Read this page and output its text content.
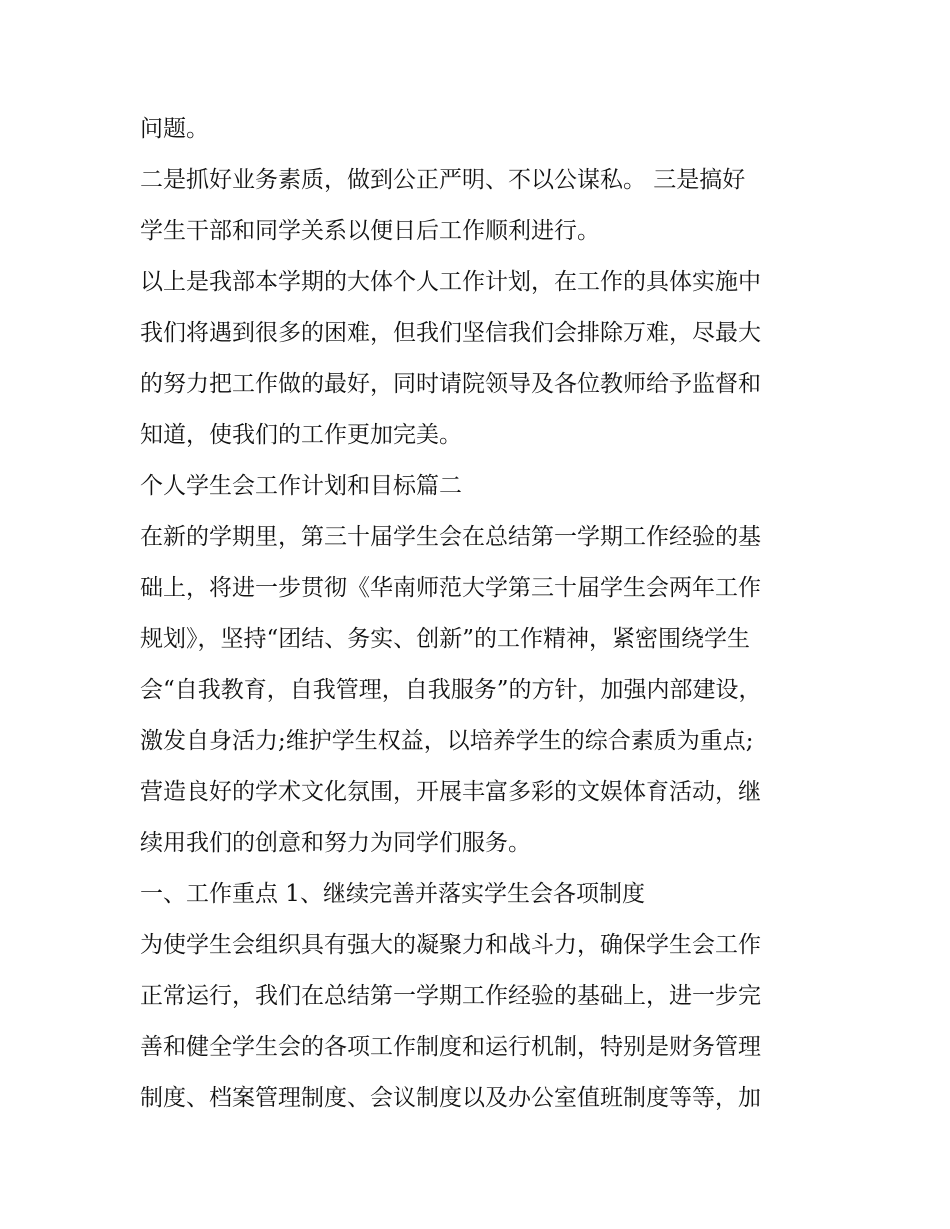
问题。
二是抓好业务素质，做到公正严明、不以公谋私。 三是搞好
学生干部和同学关系以便日后工作顺利进行。
以上是我部本学期的大体个人工作计划，在工作的具体实施中
我们将遇到很多的困难，但我们坚信我们会排除万难，尽最大
的努力把工作做的最好，同时请院领导及各位教师给予监督和
知道，使我们的工作更加完美。
个人学生会工作计划和目标篇二
在新的学期里，第三十届学生会在总结第一学期工作经验的基
础上，将进一步贯彻《华南师范大学第三十届学生会两年工作
规划》，坚持“团结、务实、创新”的工作精神，紧密围绕学生
会“自我教育，自我管理，自我服务”的方针，加强内部建设，
激发自身活力;维护学生权益，以培养学生的综合素质为重点;
营造良好的学术文化氛围，开展丰富多彩的文娱体育活动，继
续用我们的创意和努力为同学们服务。
一、工作重点 1、继续完善并落实学生会各项制度
为使学生会组织具有强大的凝聚力和战斗力，确保学生会工作
正常运行，我们在总结第一学期工作经验的基础上，进一步完
善和健全学生会的各项工作制度和运行机制，特别是财务管理
制度、档案管理制度、会议制度以及办公室值班制度等等，加
